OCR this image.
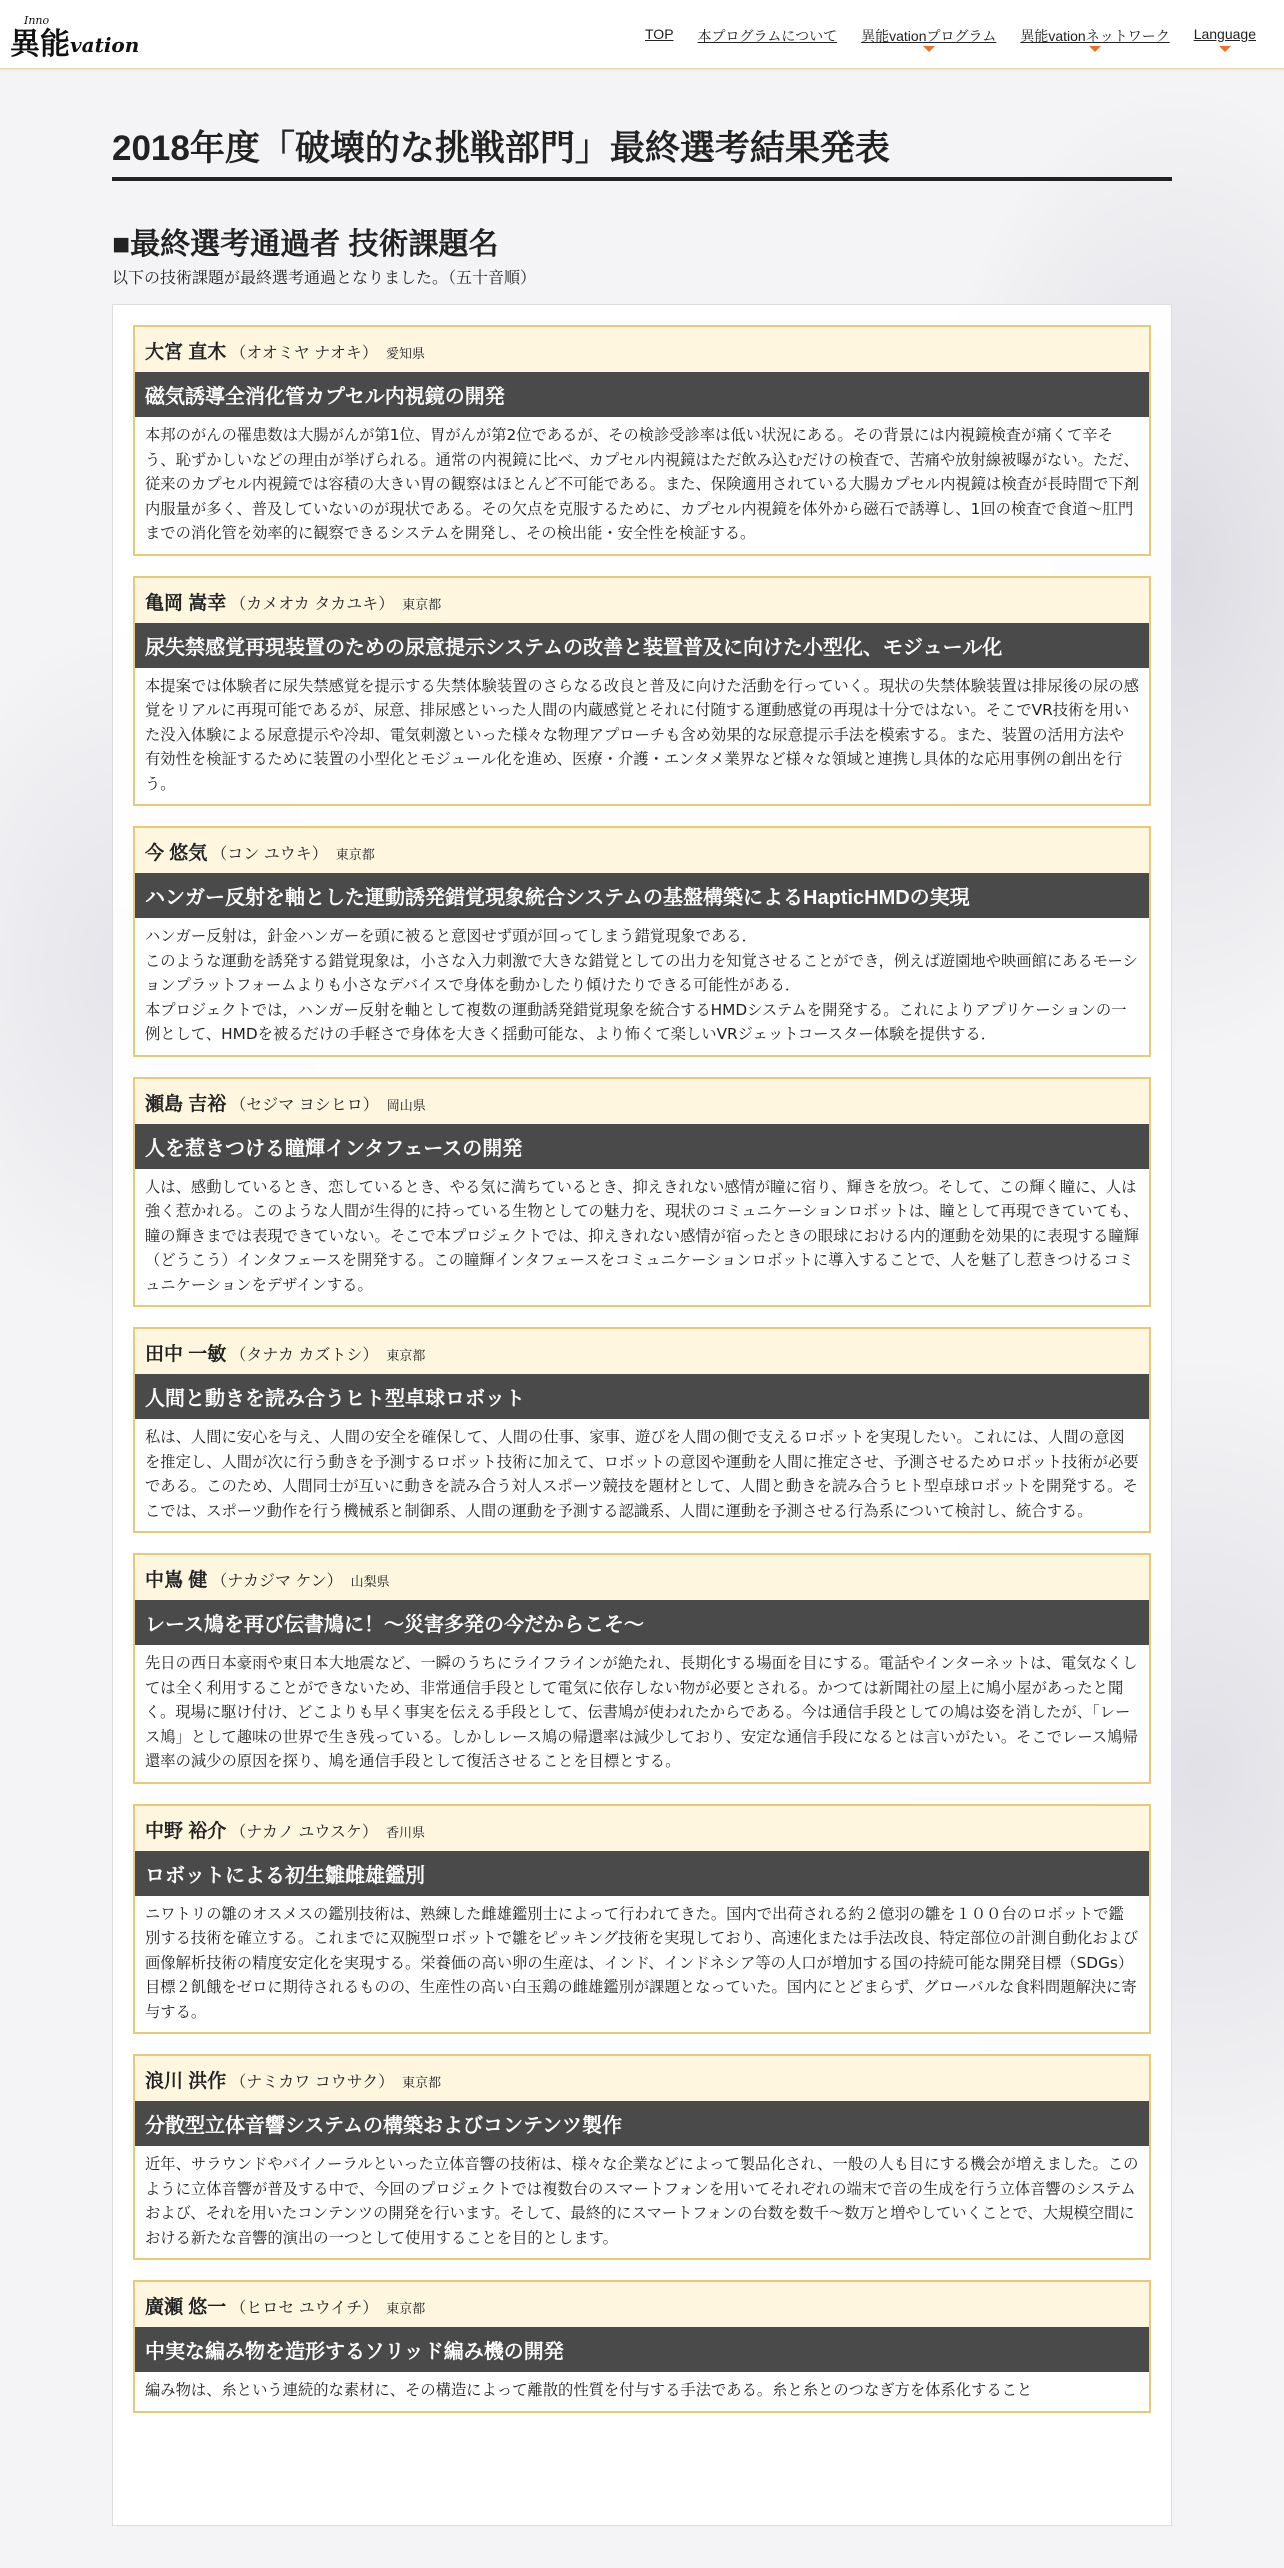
Inno
異能 vation	TOP 本プログラムについて 異能vationプログラム 異能vationネットワーク Language
2018年度「破壊的な挑戦部門」最終選考結果発表
■最終選考通過者 技術課題名

以下の技術課題が最終選考通過となりました。（五十音順）

大宮 直木 （オオミヤ ナオキ） 愛知県
磁気誘導全消化管カプセル内視鏡の開発
本邦のがんの罹患数は大腸がんが第1位、胃がんが第2位であるが、その検診受診率は低い状況にある。その背景には内視鏡検査が痛くて辛そう、恥ずかしいなどの理由が挙げられる。通常の内視鏡に比べ、カプセル内視鏡はただ飲み込むだけの検査で、苦痛や放射線被曝がない。ただ、従来のカプセル内視鏡では容積の大きい胃の観察はほとんど不可能である。また、保険適用されている大腸カプセル内視鏡は検査が長時間で下剤内服量が多く、普及していないのが現状である。その欠点を克服するために、カプセル内視鏡を体外から磁石で誘導し、1回の検査で食道〜肛門までの消化管を効率的に観察できるシステムを開発し、その検出能・安全性を検証する。
亀岡 嵩幸 （カメオカ タカユキ） 東京都
尿失禁感覚再現装置のための尿意提示システムの改善と装置普及に向けた小型化、モジュール化
本提案では体験者に尿失禁感覚を提示する失禁体験装置のさらなる改良と普及に向けた活動を行っていく。現状の失禁体験装置は排尿後の尿の感覚をリアルに再現可能であるが、尿意、排尿感といった人間の内蔵感覚とそれに付随する運動感覚の再現は十分ではない。そこでVR技術を用いた没入体験による尿意提示や冷却、電気刺激といった様々な物理アプローチも含め効果的な尿意提示手法を模索する。また、装置の活用方法や有効性を検証するために装置の小型化とモジュール化を進め、医療・介護・エンタメ業界など様々な領域と連携し具体的な応用事例の創出を行う。
今 悠気 （コン ユウキ） 東京都
ハンガー反射を軸とした運動誘発錯覚現象統合システムの基盤構築によるHapticHMDの実現
ハンガー反射は，針金ハンガーを頭に被ると意図せず頭が回ってしまう錯覚現象である．
このような運動を誘発する錯覚現象は，小さな入力刺激で大きな錯覚としての出力を知覚させることができ，例えば遊園地や映画館にあるモーションプラットフォームよりも小さなデバイスで身体を動かしたり傾けたりできる可能性がある．
本プロジェクトでは，ハンガー反射を軸として複数の運動誘発錯覚現象を統合するHMDシステムを開発する。これによりアプリケーションの一例として、HMDを被るだけの手軽さで身体を大きく揺動可能な、より怖くて楽しいVRジェットコースター体験を提供する．
瀬島 吉裕 （セジマ ヨシヒロ） 岡山県
人を惹きつける瞳輝インタフェースの開発
人は、感動しているとき、恋しているとき、やる気に満ちているとき、抑えきれない感情が瞳に宿り、輝きを放つ。そして、この輝く瞳に、人は強く惹かれる。このような人間が生得的に持っている生物としての魅力を、現状のコミュニケーションロボットは、瞳として再現できていても、瞳の輝きまでは表現できていない。そこで本プロジェクトでは、抑えきれない感情が宿ったときの眼球における内的運動を効果的に表現する瞳輝（どうこう）インタフェースを開発する。この瞳輝インタフェースをコミュニケーションロボットに導入することで、人を魅了し惹きつけるコミュニケーションをデザインする。
田中 一敏 （タナカ カズトシ） 東京都
人間と動きを読み合うヒト型卓球ロボット
私は、人間に安心を与え、人間の安全を確保して、人間の仕事、家事、遊びを人間の側で支えるロボットを実現したい。これには、人間の意図を推定し、人間が次に行う動きを予測するロボット技術に加えて、ロボットの意図や運動を人間に推定させ、予測させるためロボット技術が必要である。このため、人間同士が互いに動きを読み合う対人スポーツ競技を題材として、人間と動きを読み合うヒト型卓球ロボットを開発する。そこでは、スポーツ動作を行う機械系と制御系、人間の運動を予測する認識系、人間に運動を予測させる行為系について検討し、統合する。
中嶌 健 （ナカジマ ケン） 山梨県
レース鳩を再び伝書鳩に！～災害多発の今だからこそ～
先日の西日本豪雨や東日本大地震など、一瞬のうちにライフラインが絶たれ、長期化する場面を目にする。電話やインターネットは、電気なくしては全く利用することができないため、非常通信手段として電気に依存しない物が必要とされる。かつては新聞社の屋上に鳩小屋があったと聞く。現場に駆け付け、どこよりも早く事実を伝える手段として、伝書鳩が使われたからである。今は通信手段としての鳩は姿を消したが、「レース鳩」として趣味の世界で生き残っている。しかしレース鳩の帰還率は減少しており、安定な通信手段になるとは言いがたい。そこでレース鳩帰還率の減少の原因を探り、鳩を通信手段として復活させることを目標とする。
中野 裕介 （ナカノ ユウスケ） 香川県
ロボットによる初生雛雌雄鑑別
ニワトリの雛のオスメスの鑑別技術は、熟練した雌雄鑑別士によって行われてきた。国内で出荷される約２億羽の雛を１００台のロボットで鑑別する技術を確立する。これまでに双腕型ロボットで雛をピッキング技術を実現しており、高速化または手法改良、特定部位の計測自動化および画像解析技術の精度安定化を実現する。栄養価の高い卵の生産は、インド、インドネシア等の人口が増加する国の持続可能な開発目標（SDGs）目標２飢餓をゼロに期待されるものの、生産性の高い白玉鶏の雌雄鑑別が課題となっていた。国内にとどまらず、グローバルな食料問題解決に寄与する。
浪川 洪作 （ナミカワ コウサク） 東京都
分散型立体音響システムの構築およびコンテンツ製作
近年、サラウンドやバイノーラルといった立体音響の技術は、様々な企業などによって製品化され、一般の人も目にする機会が増えました。このように立体音響が普及する中で、今回のプロジェクトでは複数台のスマートフォンを用いてそれぞれの端末で音の生成を行う立体音響のシステムおよび、それを用いたコンテンツの開発を行います。そして、最終的にスマートフォンの台数を数千〜数万と増やしていくことで、大規模空間における新たな音響的演出の一つとして使用することを目的とします。
廣瀬 悠一 （ヒロセ ユウイチ） 東京都
中実な編み物を造形するソリッド編み機の開発
編み物は、糸という連続的な素材に、その構造によって離散的性質を付与する手法である。糸と糸とのつなぎ方を体系化すること
